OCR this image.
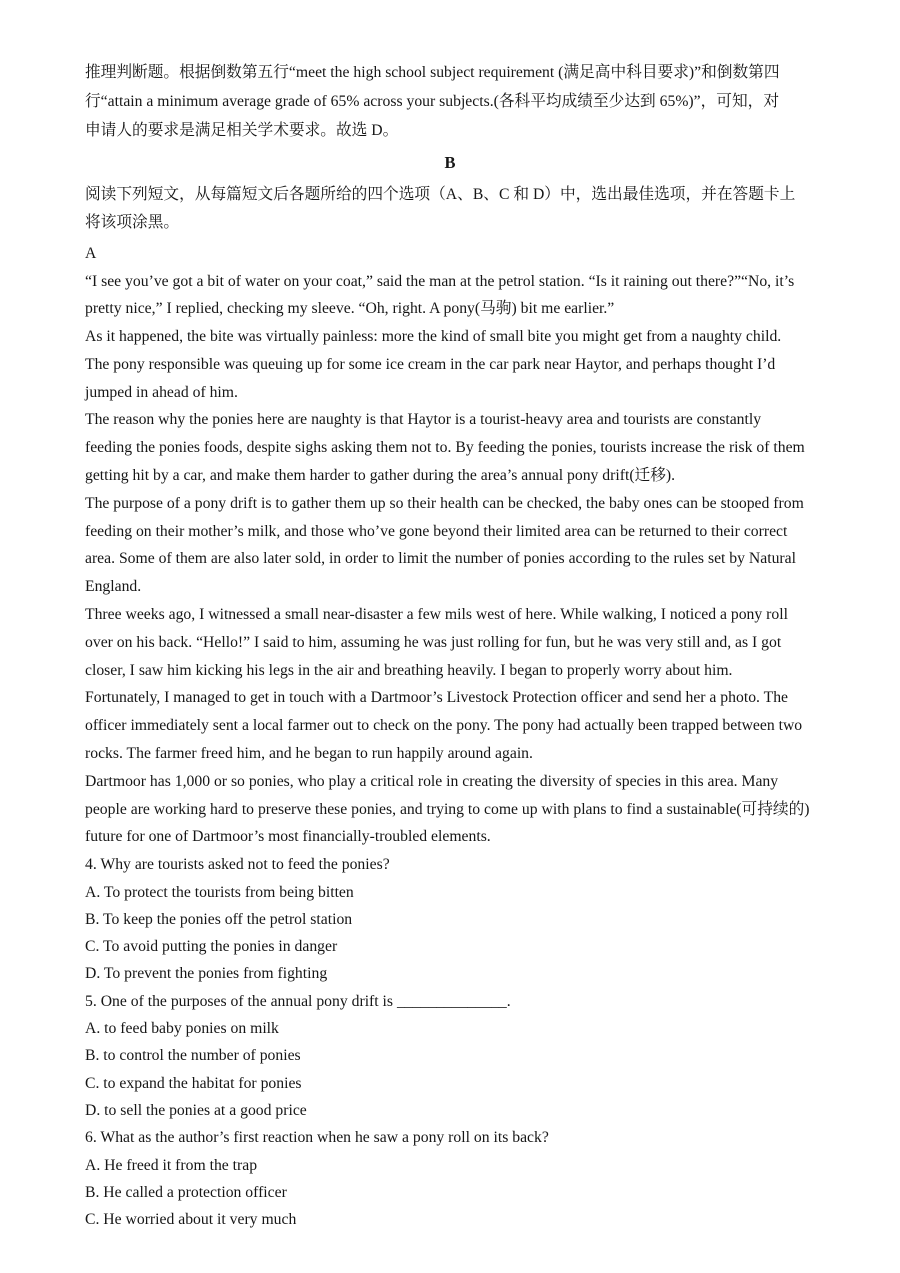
推理判断题。根据倒数第五行“meet the high school subject requirement (满足高中科目要求)”和倒数第四
行“attain a minimum average grade of 65% across your subjects.(各科平均成绩至少达到 65%)”，可知，对
申请人的要求是满足相关学术要求。故选 D。
B
阅读下列短文，从每篇短文后各题所给的四个选项（A、B、C 和 D）中，选出最佳选项，并在答题卡上
将该项涂黑。
A
“I see you’ve got a bit of water on your coat,” said the man at the petrol station. “Is it raining out there?”“No, it’s
pretty nice,” I replied, checking my sleeve. “Oh, right. A pony(马驹) bit me earlier.”
As it happened, the bite was virtually painless: more the kind of small bite you might get from a naughty child.
The pony responsible was queuing up for some ice cream in the car park near Haytor, and perhaps thought I’d
jumped in ahead of him.
The reason why the ponies here are naughty is that Haytor is a tourist-heavy area and tourists are constantly
feeding the ponies foods, despite sighs asking them not to. By feeding the ponies, tourists increase the risk of them
getting hit by a car, and make them harder to gather during the area’s annual pony drift(迁移).
The purpose of a pony drift is to gather them up so their health can be checked, the baby ones can be stooped from
feeding on their mother’s milk, and those who’ve gone beyond their limited area can be returned to their correct
area. Some of them are also later sold, in order to limit the number of ponies according to the rules set by Natural
England.
Three weeks ago, I witnessed a small near-disaster a few mils west of here. While walking, I noticed a pony roll
over on his back. “Hello!” I said to him, assuming he was just rolling for fun, but he was very still and, as I got
closer, I saw him kicking his legs in the air and breathing heavily. I began to properly worry about him.
Fortunately, I managed to get in touch with a Dartmoor’s Livestock Protection officer and send her a photo. The
officer immediately sent a local farmer out to check on the pony. The pony had actually been trapped between two
rocks. The farmer freed him, and he began to run happily around again.
Dartmoor has 1,000 or so ponies, who play a critical role in creating the diversity of species in this area. Many
people are working hard to preserve these ponies, and trying to come up with plans to find a sustainable(可持续的)
future for one of Dartmoor’s most financially-troubled elements.
4. Why are tourists asked not to feed the ponies?
A. To protect the tourists from being bitten
B. To keep the ponies off the petrol station
C. To avoid putting the ponies in danger
D. To prevent the ponies from fighting
5. One of the purposes of the annual pony drift is ______________.
A. to feed baby ponies on milk
B. to control the number of ponies
C. to expand the habitat for ponies
D. to sell the ponies at a good price
6. What as the author’s first reaction when he saw a pony roll on its back?
A. He freed it from the trap
B. He called a protection officer
C. He worried about it very much
